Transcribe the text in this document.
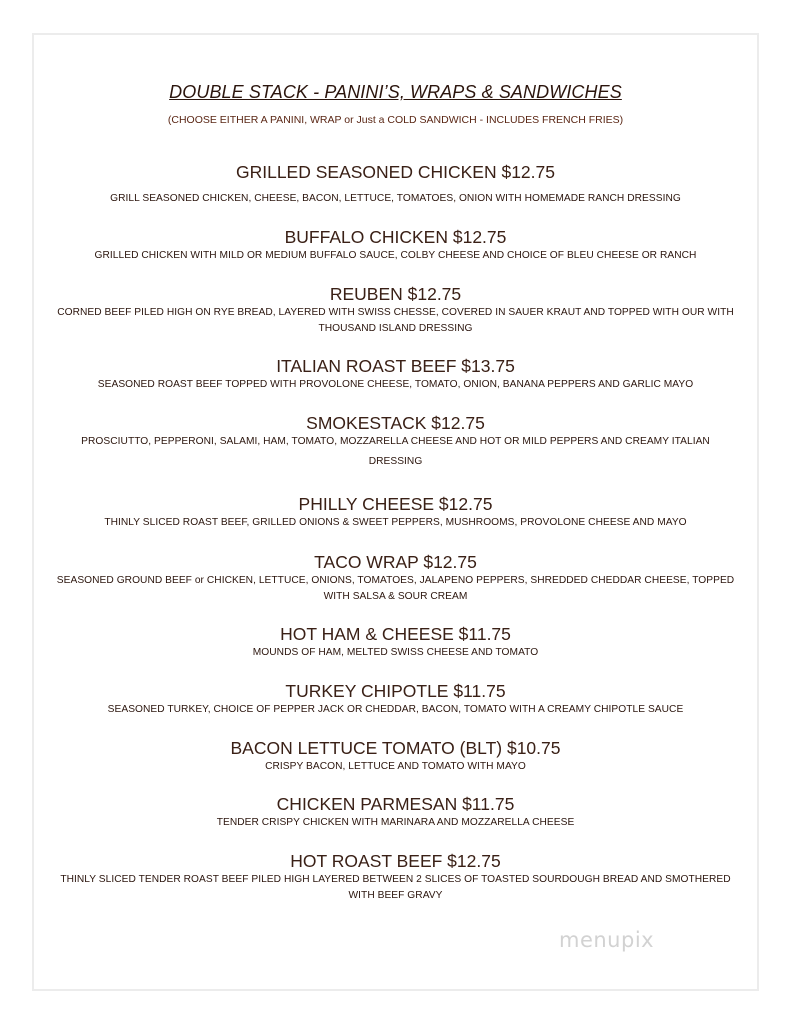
DOUBLE STACK - PANINI’S, WRAPS & SANDWICHES

(CHOOSE EITHER A PANINI, WRAP or Just a COLD SANDWICH - INCLUDES FRENCH FRIES)

GRILLED SEASONED CHICKEN $12.75

GRILL SEASONED CHICKEN, CHEESE, BACON, LETTUCE, TOMATOES, ONION WITH HOMEMADE RANCH DRESSING

BUFFALO CHICKEN $12.75

GRILLED CHICKEN WITH MILD OR MEDIUM BUFFALO SAUCE, COLBY CHEESE AND CHOICE OF BLEU CHEESE OR RANCH

REUBEN $12.75

CORNED BEEF PILED HIGH ON RYE BREAD, LAYERED WITH SWISS CHESSE, COVERED IN SAUER KRAUT AND TOPPED WITH OUR WITH

THOUSAND ISLAND DRESSING

ITALIAN ROAST BEEF $13.75

SEASONED ROAST BEEF TOPPED WITH PROVOLONE CHEESE, TOMATO, ONION, BANANA PEPPERS AND GARLIC MAYO

SMOKESTACK $12.75

PROSCIUTTO, PEPPERONI, SALAMI, HAM, TOMATO, MOZZARELLA CHEESE AND HOT OR MILD PEPPERS AND CREAMY ITALIAN

DRESSING

PHILLY CHEESE $12.75

THINLY SLICED ROAST BEEF, GRILLED ONIONS & SWEET PEPPERS, MUSHROOMS, PROVOLONE CHEESE AND MAYO

TACO WRAP $12.75

SEASONED GROUND BEEF or CHICKEN, LETTUCE, ONIONS, TOMATOES, JALAPENO PEPPERS, SHREDDED CHEDDAR CHEESE, TOPPED

WITH SALSA & SOUR CREAM

HOT HAM & CHEESE $11.75

MOUNDS OF HAM, MELTED SWISS CHEESE AND TOMATO

TURKEY CHIPOTLE $11.75

SEASONED TURKEY, CHOICE OF PEPPER JACK OR CHEDDAR, BACON, TOMATO WITH A CREAMY CHIPOTLE SAUCE

BACON LETTUCE TOMATO (BLT) $10.75

CRISPY BACON, LETTUCE AND TOMATO WITH MAYO

CHICKEN PARMESAN $11.75

TENDER CRISPY CHICKEN WITH MARINARA AND MOZZARELLA CHEESE

HOT ROAST BEEF $12.75

THINLY SLICED TENDER ROAST BEEF PILED HIGH LAYERED BETWEEN 2 SLICES OF TOASTED SOURDOUGH BREAD AND SMOTHERED

WITH BEEF GRAVY

menupix
